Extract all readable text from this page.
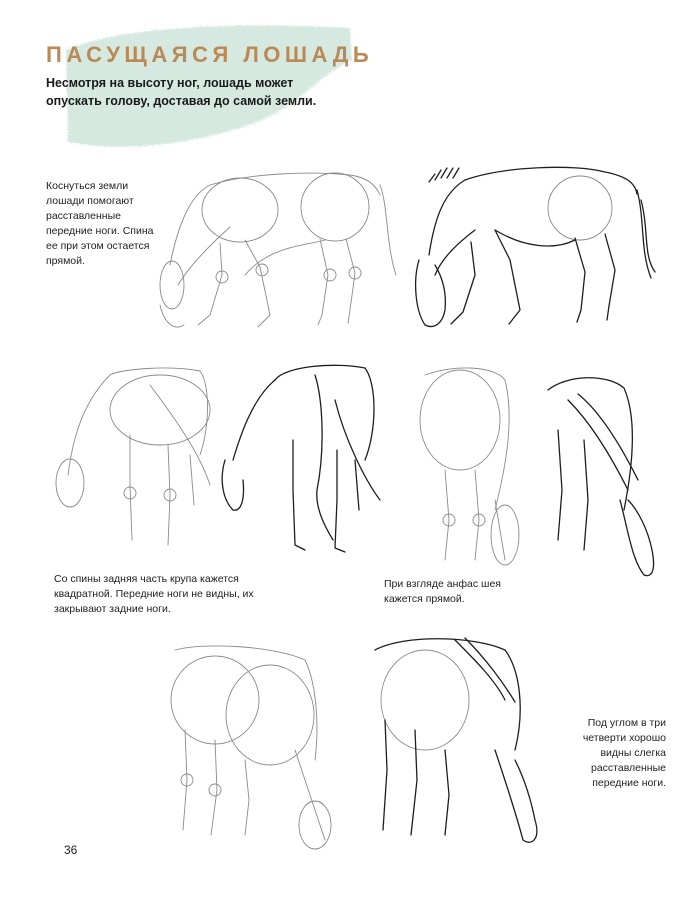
ПАСУЩАЯСЯ ЛОШАДЬ

Несмотря на высоту ног, лошадь может опускать голову, доставая до самой земли.

Коснуться земли лошади помогают расставленные передние ноги. Спина ее при этом остается прямой.

Со спины задняя часть крупа кажется квадратной. Передние ноги не видны, их закрывают задние ноги.

При взгляде анфас шея кажется прямой.

Под углом в три четверти хорошо видны слегка расставленные передние ноги.

36
